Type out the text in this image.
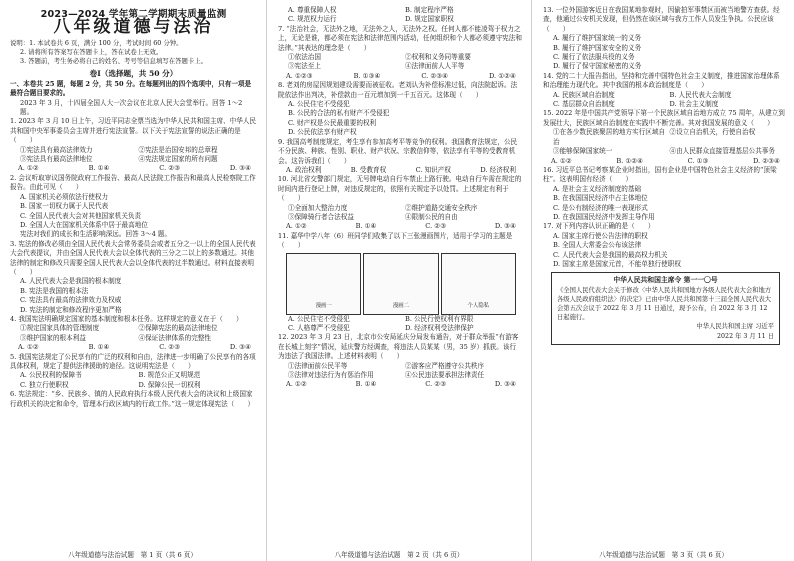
2023—2024 学年第二学期期末质量监测
八年级道德与法治

说明：1. 本试卷共 6 页，满分 100 分，考试时间 60 分钟。

2. 请将所有答案写在答题卡上，答在试卷上无效。

3. 答题前，考生务必将自己的姓名、考号等信息填写在答题卡上。

卷Ⅰ（选择题，共 50 分）

一、本卷共 25 题，每题 2 分，共 50 分。在每题列出的四个选项中，只有一项是最符合题目要求的。

2023 年 3 月，十四届全国人大一次会议在北京人民大会堂举行。回答 1～2 题。

1. 2023 年 3 月 10 日上午，习近平同志全票当选为中华人民共和国主席、中华人民共和国中央军事委员会主席并进行宪法宣誓。以下关于宪法宣誓的说法正确的是（　　）

①宪法具有最高法律效力	②宪法是治国安邦的总章程
③宪法具有最高法律地位	④宪法规定国家的所有问题
A. ①②	B. ①④	C. ②③	D. ③④

2. 会议听取审议国务院政府工作报告、最高人民法院工作报告和最高人民检察院工作报告。由此可见（　　）

A. 国家机关必须依法行使权力

B. 国家一切权力属于人民代表

C. 全国人民代表大会对其他国家机关负责

D. 全国人大在国家机关体系中居于最高地位

宪法对我们的成长和生活影响深远。回答 3～4 题。

3. 宪法的修改必须由全国人民代表大会常务委员会或者五分之一以上的全国人民代表大会代表提议，并由全国人民代表大会以全体代表的三分之二以上的多数通过。其他法律的制定和修改只需要全国人民代表大会以全体代表的过半数通过。材料直接表明（　　）

A. 人民代表大会是我国的根本制度

B. 宪法是我国的根本法

C. 宪法具有最高的法律效力及权威

D. 宪法的制定和修改程序更加严格

4. 我国宪法明确规定国家的基本制度和根本任务。这样规定的意义在于（　　）

①规定国家具体的管理制度	②保障宪法的最高法律地位
③维护国家的根本利益	④保证法律体系的完整性
A. ①②	B. ①④	C. ②③	D. ③④

5. 我国宪法规定了公民享有的广泛的权利和自由，法律进一步明确了公民享有的各项具体权利，规定了提供法律援助的途径。这说明宪法是（　　）

A. 公民权利的保障书	B. 规范公正又明规范
C. 独立行使职权	D. 保障公民一切权利

6. 宪法规定：“乡、民族乡、镇的人民政府执行本级人民代表大会的决议和上级国家行政机关的决定和命令，管理本行政区域内的行政工作。”这一规定体现宪法（　　）

八年级道德与法治试题　第 1 页（共 6 页）
A. 尊重保障人权	B. 制定程序严格
C. 规范权力运行	D. 规定国家职权

7. “法治社会，无法外之地，无法外之人，无法外之权。任何人都不能凌驾于权力之上，无论是谁，都必须在宪法和法律范围内活动，任何组织和个人都必须遵守宪法和法律。”其表达的理念是（　　）

①依法治国	②权利和义务同等重要
③宪法至上	④法律面前人人平等
A. ①②③	B. ①③④	C. ②③④	D. ①②④

8. 老刘的房屋因规划建设需要而被征收。老刘认为补偿标准过低，向法院起诉。法院依法作出判决，补偿款由一百元增加到一千五百元。这体现（　　）

A. 公民住宅不受侵犯

B. 公民的合法的私有财产不受侵犯

C. 财产权是公民最重要的权利

D. 公民依法享有财产权

9. 我国高考制度规定，考生享有参加高考平等竞争的权利。我国教育法规定，公民不分民族、种族、性别、职业、财产状况、宗教信仰等，依法享有平等的受教育机会。这告诉我们（　　）

A. 政治权利	B. 受教育权	C. 知识产权	D. 经济权利

10. 河北省交警部门规定，无号牌电动自行车禁止上路行驶。电动自行车需在规定的时间内进行登记上牌，对违反规定的，依照有关规定予以处罚。上述规定有利于（　　）

①全面加大整治力度	②维护道路交通安全秩序
③保障骑行者合法权益	④限制公民的自由
A. ①②	B. ①④	C. ②③	D. ③④

11. 嘉华中学八年（6）班同学们收集了以下三张漫画图片，适用于学习的主题是（　　）

漫画一	漫画二	个人隐私
A. 公民住宅不受侵犯	B. 公民行使权利有界限
C. 人格尊严不受侵犯	D. 经济权利受法律保护

12. 2023 年 3 月 23 日，北京市公安局延庆分局发布通告，对于群众举报“有游客在长城上刻字”情况，延庆警方经调查，将违法人员某某（男，35 岁）抓获。该行为违法了我国法律。上述材料表明（　　）

①法律面前公民平等	②游客应严格遵守公共秩序
③法律对违法行为有惩治作用	④公民违法要承担法律责任
A. ①②	B. ①④	C. ②③	D. ③④
八年级道德与法治试题　第 2 页（共 6 页）

13. 一位外国游客近日在我国某地参观时，因偷拍军事禁区而被当地警方查获。经查，他通过公安机关发现，但仍然在该区域与我方工作人员发生争执。公民应该（　　）

A. 履行了维护国家统一的义务

B. 履行了维护国家安全的义务

C. 履行了依法服兵役的义务

D. 履行了保守国家秘密的义务

14. 党的二十大报告指出，坚持和完善中国特色社会主义制度，推进国家治理体系和治理能力现代化。其中我国的根本政治制度是（　　）

A. 民族区域自治制度	B. 人民代表大会制度
C. 基层群众自治制度	D. 社会主义制度

15. 2022 年是中国共产党领导下第一个民族区域自治地方成立 75 周年，从建立到发展壮大，民族区域自治制度在实践中不断完善。其对我国发展的意义（　　）

①在各少数民族聚居的地方实行区域自治
②设立自治机关，行使自治权
③能够保障国家统一	④由人民群众直接管理基层公共事务
A. ①②	B. ①②④	C. ①③	D. ②③④

16. 习近平总书记考察某企业时指出，国有企业是中国特色社会主义经济的“顶梁柱”。这表明国有经济（　　）

A. 是社会主义经济制度的基础

B. 在我国国民经济中占主体地位

C. 是公有制经济的唯一表现形式

D. 在我国国民经济中发挥主导作用

17. 对下列内容认识正确的是（　　）

A. 国家主席行使公告法律的职权

B. 全国人大常委会公布该法律

C. 人民代表大会是我国的最高权力机关

D. 国家主席是国家元首，不能单独行使职权

中华人民共和国主席令 第一一〇号

《全国人民代表大会关于修改〈中华人民共和国地方各级人民代表大会和地方各级人民政府组织法〉的决定》已由中华人民共和国第十三届全国人民代表大会第五次会议于 2022 年 3 月 11 日通过，现予公布，自 2022 年 3 月 12 日起施行。

中华人民共和国主席 习近平

2022 年 3 月 11 日

八年级道德与法治试题　第 3 页（共 6 页）
